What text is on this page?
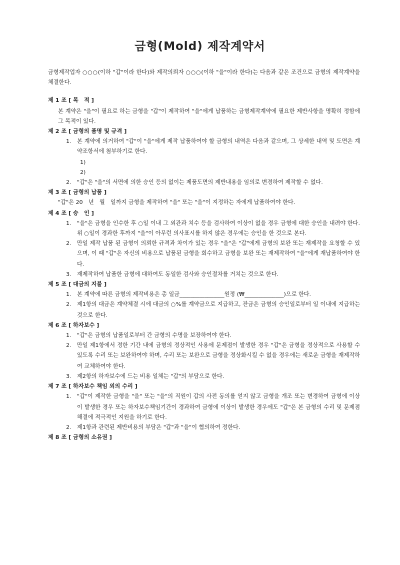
금형(Mold) 제작계약서

금형제작업자 ○○○(이하 "갑"이라 한다)와 제작의뢰자 ○○○(이하 "을"이라 한다)는 다음과 같은 조건으로 금형의 제작계약을 체결한다.

제 1 조 [ 목　적 ]
본 계약은 "을"이 필요로 하는 금형을 "갑"이 제작하여 "을"에게 납품하는 금형제작계약에 필요한 제반사항을 명확히 정함에 그 목적이 있다.
제 2 조 [ 금형의 품명 및 규격 ]
1. 본 계약에 의거하여 "갑"이 "을"에게 제작 납품하여야 할 금형의 내역은 다음과 같으며, 그 상세한 내역 및 도면은 계약조항서에 첨부하기로 한다.
1)

2)

2. "갑"은 "을"의 서면에 의한 승인 등의 없이는 제품도면의 제반내용을 임의로 변경하여 제작할 수 없다.
제 3 조 [ 금형의 납품 ]
"갑"은 20　년　월　일까지 금형을 제작하여 "을" 또는 "을"이 지정하는 자에게 납품하여야 한다.
제 4 조 [ 승　인 ]
1. "을"은 금형을 인수한 후 ○일 이내 그 외관과 치수 등을 검사하여 이상이 없을 경우 금형에 대한 승인을 내려야 한다. 위 ○일이 경과한 후까지 "을"이 아무런 의사표시를 하지 않은 경우에는 승인을 한 것으로 본다.
2. 만일 제작 납품 된 금형이 의뢰한 규격과 차이가 있는 경우 "을"은 "갑"에게 금형의 보완 또는 재제작을 요청할 수 있으며, 이 때 "갑"은 자신의 비용으로 납품된 금형을 회수하고 금형을 보완 또는 재제작하여 "을"에게 재납품하여야 한다.
3. 재제작하여 납품한 금형에 대하여도 동일한 검사와 승인절차를 거치는 것으로 한다.
제 5 조 [ 대금의 지불 ]
1. 본 계약에 따른 금형의 제작비용은 총 일금________________원정 (₩______________)으로 한다.
2. 제1항의 대금은 계약체결 시에 대금의 ○%를 계약금으로 지급하고, 잔금은 금형의 승인일로부터 일 이내에 지급하는 것으로 한다.
제 6 조 [ 하자보수 ]
1. "갑"은 금형의 납품일로부터 간 금형의 수명을 보장하여야 한다.
2. 만일 제1항에서 정한 기간 내에 금형의 정상적인 사용에 문제점이 발생한 경우 "갑"은 금형을 정상적으로 사용할 수 있도록 수리 또는 보완하여야 하며, 수리 또는 보완으로 금형을 정상화시킬 수 없을 경우에는 새로운 금형을 재제작하여 교체하여야 한다.
3. 제2항의 하자보수에 드는 비용 일체는 "갑"의 부담으로 한다.
제 7 조 [ 하자보수 책임 외의 수리 ]
1. "갑"이 제작한 금형을 "을" 또는 "을"의 직원이 갑의 사전 동의를 얻지 않고 금형을 개조 또는 변경하여 금형에 이상이 발생한 경우 또는 하자보수책임기간이 경과하여 금형에 이상이 발생한 경우에도 "갑"은 본 금형의 수리 및 문제점 해결에 적극적인 지원을 하기로 한다.
2. 제1항과 관련된 제반비용의 부담은 "갑"과 "을"이 협의하여 정한다.
제 8 조 [ 금형의 소유권 ]
